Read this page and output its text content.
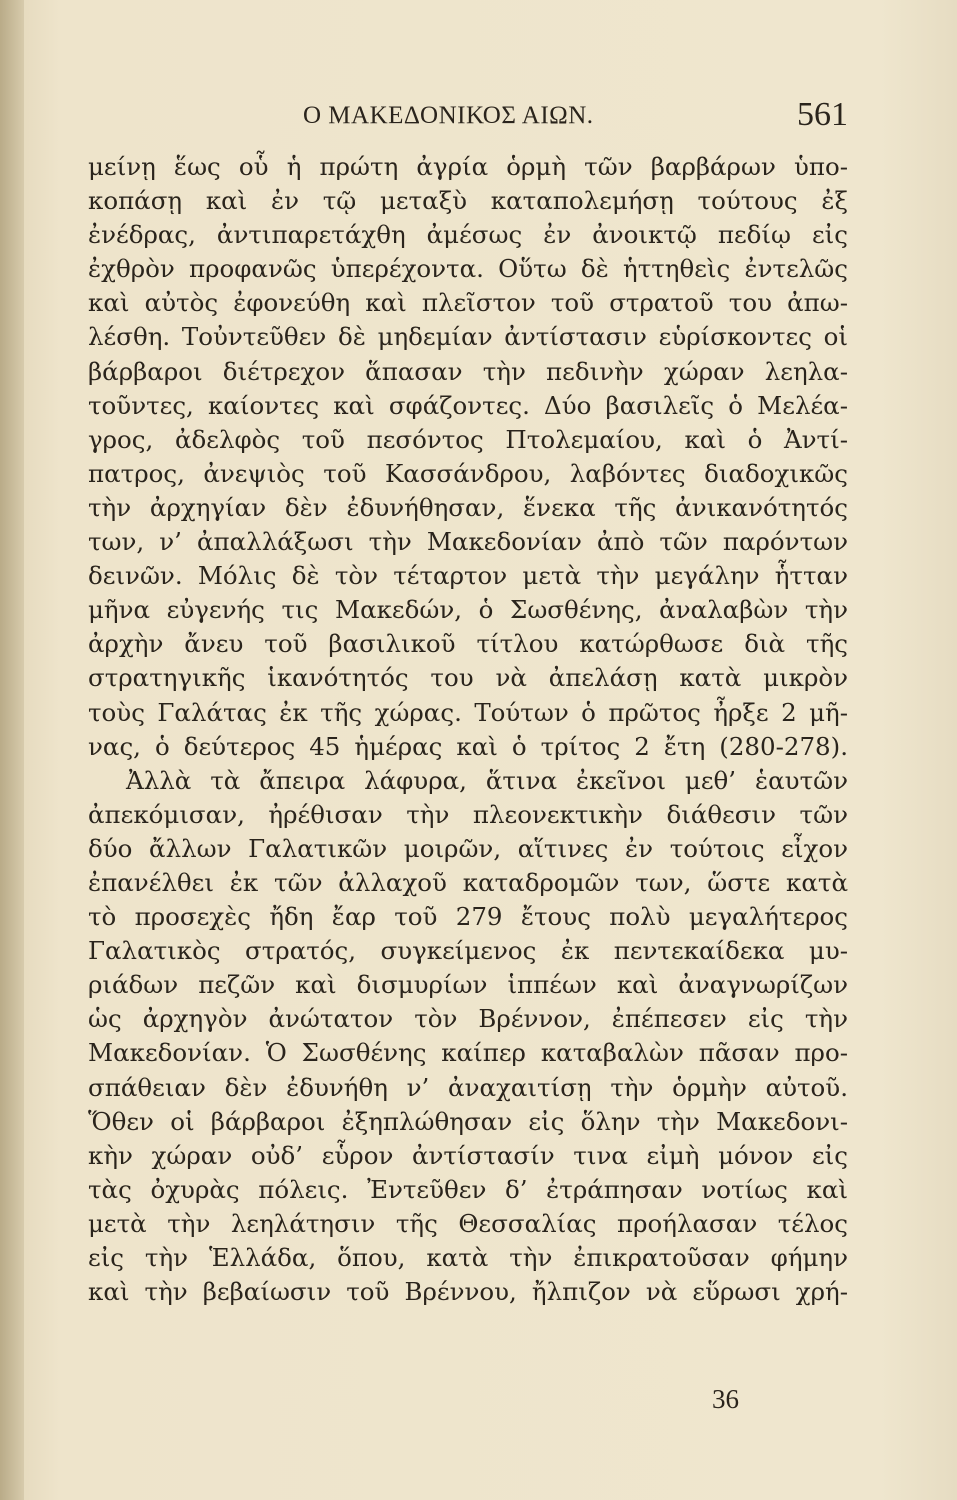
Ο ΜΑΚΕΔΟΝΙΚΟΣ ΑΙΩΝ.	561
μείνῃ ἕως οὗ ἡ πρώτη ἀγρία ὁρμὴ τῶν βαρβάρων ὑπο-
κοπάσῃ καὶ ἐν τῷ μεταξὺ καταπολεμήσῃ τούτους ἐξ
ἐνέδρας, ἀντιπαρετάχθη ἀμέσως ἐν ἀνοικτῷ πεδίῳ εἰς
ἐχθρὸν προφανῶς ὑπερέχοντα. Οὕτω δὲ ἡττηθεὶς ἐντελῶς
καὶ αὐτὸς ἐφονεύθη καὶ πλεῖστον τοῦ στρατοῦ του ἀπω-
λέσθη. Τοὐντεῦθεν δὲ μηδεμίαν ἀντίστασιν εὑρίσκοντες οἱ
βάρβαροι διέτρεχον ἅπασαν τὴν πεδινὴν χώραν λεηλα-
τοῦντες, καίοντες καὶ σφάζοντες. Δύο βασιλεῖς ὁ Μελέα-
γρος, ἀδελφὸς τοῦ πεσόντος Πτολεμαίου, καὶ ὁ Ἀντί-
πατρος, ἀνεψιὸς τοῦ Κασσάνδρου, λαβόντες διαδοχικῶς
τὴν ἀρχηγίαν δὲν ἐδυνήθησαν, ἕνεκα τῆς ἀνικανότητός
των, ν’ ἀπαλλάξωσι τὴν Μακεδονίαν ἀπὸ τῶν παρόντων
δεινῶν. Μόλις δὲ τὸν τέταρτον μετὰ τὴν μεγάλην ἧτταν
μῆνα εὐγενής τις Μακεδών, ὁ Σωσθένης, ἀναλαβὼν τὴν
ἀρχὴν ἄνευ τοῦ βασιλικοῦ τίτλου κατώρθωσε διὰ τῆς
στρατηγικῆς ἱκανότητός του νὰ ἀπελάσῃ κατὰ μικρὸν
τοὺς Γαλάτας ἐκ τῆς χώρας. Τούτων ὁ πρῶτος ἦρξε 2 μῆ-
νας, ὁ δεύτερος 45 ἡμέρας καὶ ὁ τρίτος 2 ἔτη (280-278).
Ἀλλὰ τὰ ἄπειρα λάφυρα, ἅτινα ἐκεῖνοι μεθ’ ἑαυτῶν
ἀπεκόμισαν, ἠρέθισαν τὴν πλεονεκτικὴν διάθεσιν τῶν
δύο ἄλλων Γαλατικῶν μοιρῶν, αἵτινες ἐν τούτοις εἶχον
ἐπανέλθει ἐκ τῶν ἀλλαχοῦ καταδρομῶν των, ὥστε κατὰ
τὸ προσεχὲς ἤδη ἔαρ τοῦ 279 ἔτους πολὺ μεγαλήτερος
Γαλατικὸς στρατός, συγκείμενος ἐκ πεντεκαίδεκα μυ-
ριάδων πεζῶν καὶ δισμυρίων ἱππέων καὶ ἀναγνωρίζων
ὡς ἀρχηγὸν ἀνώτατον τὸν Βρέννον, ἐπέπεσεν εἰς τὴν
Μακεδονίαν. Ὁ Σωσθένης καίπερ καταβαλὼν πᾶσαν προ-
σπάθειαν δὲν ἐδυνήθη ν’ ἀναχαιτίσῃ τὴν ὁρμὴν αὐτοῦ.
Ὅθεν οἱ βάρβαροι ἐξηπλώθησαν εἰς ὅλην τὴν Μακεδονι-
κὴν χώραν οὐδ’ εὗρον ἀντίστασίν τινα εἰμὴ μόνον εἰς
τὰς ὀχυρὰς πόλεις. Ἐντεῦθεν δ’ ἐτράπησαν νοτίως καὶ
μετὰ τὴν λεηλάτησιν τῆς Θεσσαλίας προήλασαν τέλος
εἰς τὴν Ἑλλάδα, ὅπου, κατὰ τὴν ἐπικρατοῦσαν φήμην
καὶ τὴν βεβαίωσιν τοῦ Βρέννου, ἤλπιζον νὰ εὕρωσι χρή-
36
